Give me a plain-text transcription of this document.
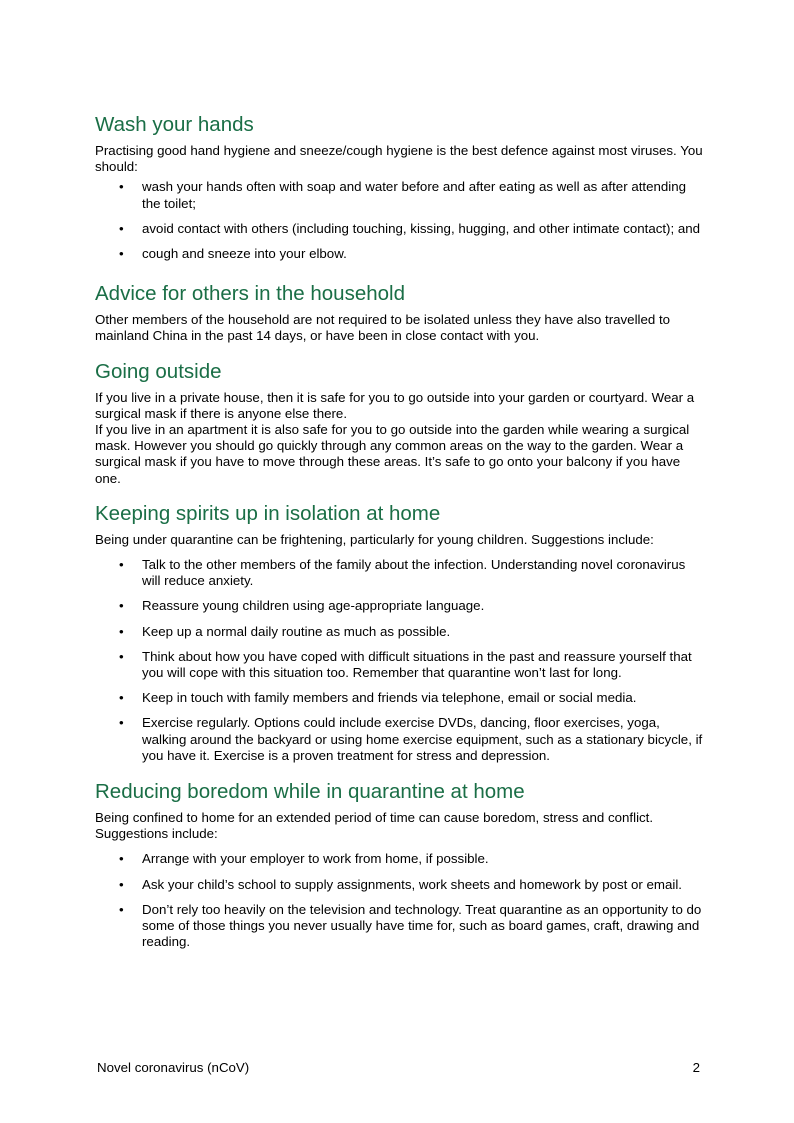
Wash your hands

Practising good hand hygiene and sneeze/cough hygiene is the best defence against most viruses. You should:

• wash your hands often with soap and water before and after eating as well as after attending the toilet;
• avoid contact with others (including touching, kissing, hugging, and other intimate contact); and
• cough and sneeze into your elbow.
Advice for others in the household

Other members of the household are not required to be isolated unless they have also travelled to mainland China in the past 14 days, or have been in close contact with you.

Going outside

If you live in a private house, then it is safe for you to go outside into your garden or courtyard. Wear a surgical mask if there is anyone else there.

If you live in an apartment it is also safe for you to go outside into the garden while wearing a surgical mask. However you should go quickly through any common areas on the way to the garden. Wear a surgical mask if you have to move through these areas. It’s safe to go onto your balcony if you have one.

Keeping spirits up in isolation at home

Being under quarantine can be frightening, particularly for young children. Suggestions include:

• Talk to the other members of the family about the infection. Understanding novel coronavirus will reduce anxiety.
• Reassure young children using age-appropriate language.
• Keep up a normal daily routine as much as possible.
• Think about how you have coped with difficult situations in the past and reassure yourself that you will cope with this situation too. Remember that quarantine won’t last for long.
• Keep in touch with family members and friends via telephone, email or social media.
• Exercise regularly. Options could include exercise DVDs, dancing, floor exercises, yoga, walking around the backyard or using home exercise equipment, such as a stationary bicycle, if you have it. Exercise is a proven treatment for stress and depression.
Reducing boredom while in quarantine at home

Being confined to home for an extended period of time can cause boredom, stress and conflict. Suggestions include:

• Arrange with your employer to work from home, if possible.
• Ask your child’s school to supply assignments, work sheets and homework by post or email.
• Don’t rely too heavily on the television and technology. Treat quarantine as an opportunity to do some of those things you never usually have time for, such as board games, craft, drawing and reading.
Novel coronavirus (nCoV)	2
